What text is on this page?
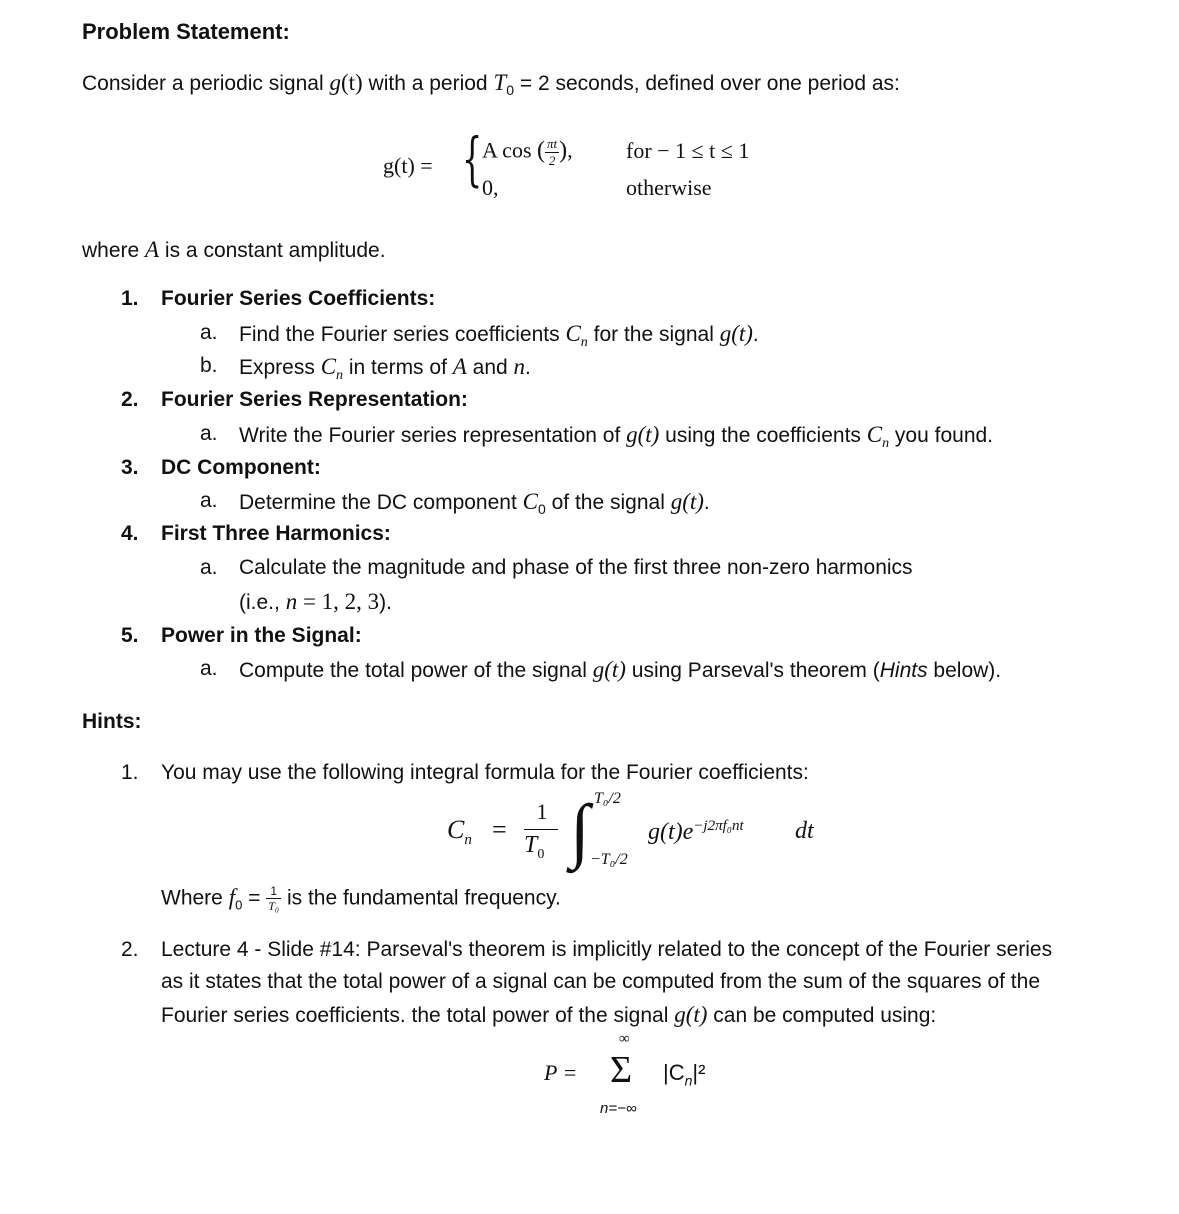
Problem Statement:
Consider a periodic signal g(t) with a period $T_0 = 2$ seconds, defined over one period as:
g(t) = { A cos ( $\frac{\pi t}{2}$ ), for − 1 ≤ t ≤ 1
0,	otherwise
where A is a constant amplitude.
1. Fourier Series Coefficients:
a. Find the Fourier series coefficients $C_n$ for the signal g(t).
b. Express $C_n$ in terms of A and n.
2. Fourier Series Representation:
a. Write the Fourier series representation of g(t) using the coefficients $C_n$ you found.
3. DC Component:
a. Determine the DC component $C_0$ of the signal g(t).
4. First Three Harmonics:
a. Calculate the magnitude and phase of the first three non-zero harmonics
(i.e., n = 1, 2, 3).
5. Power in the Signal:
a. Compute the total power of the signal g(t) using Parseval's theorem (Hints below).
Hints:
1. You may use the following integral formula for the Fourier coefficients:
$C_n$ =
1
$T_0$ ∫ T₀/2
−T₀/2
$g(t)e^{-j2\pi f_0nt}$ dt
Where $f_0 = \frac{1}{\text{T₀}}$ is the fundamental frequency.
2. Lecture 4 - Slide #14: Parseval's theorem is implicitly related to the concept of the Fourier series
as it states that the total power of a signal can be computed from the sum of the squares of the
Fourier series coefficients. the total power of the signal g(t) can be computed using:
P =
∞
Σ
n=−∞
$|C_n|^2$
